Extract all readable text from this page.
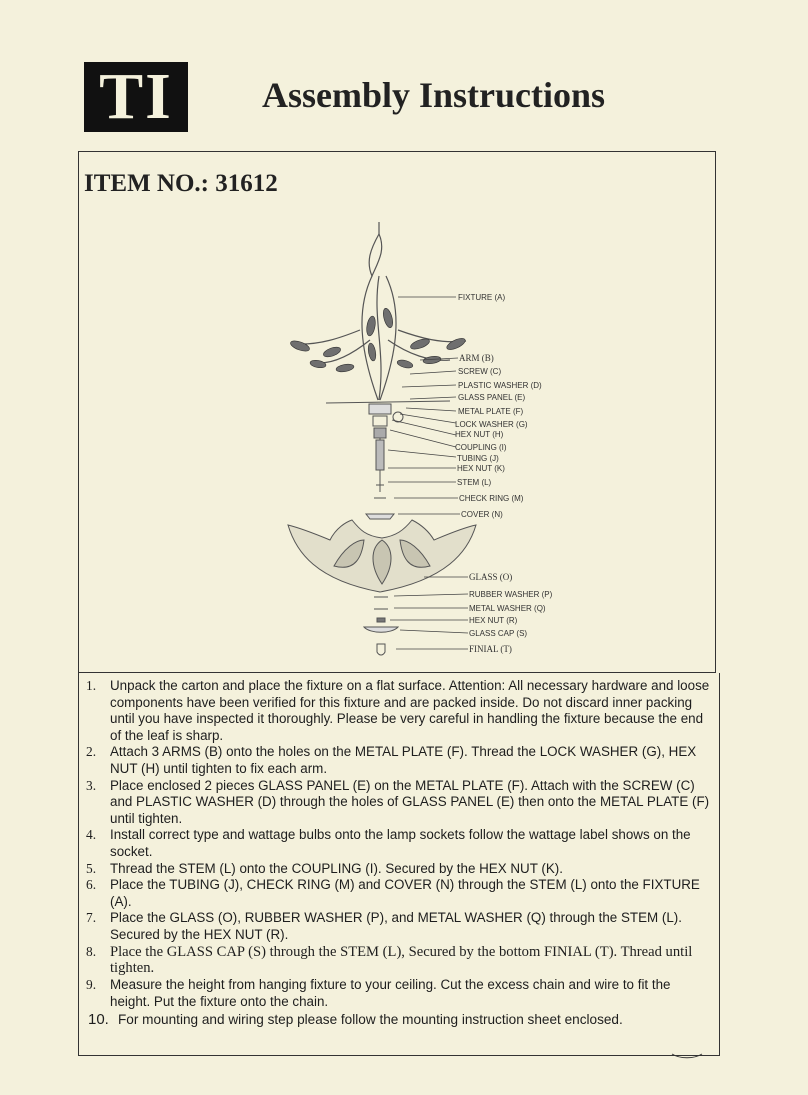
TI	Assembly Instructions
ITEM NO.: 31612
FIXTURE (A)
ARM (B)
SCREW (C)
PLASTIC WASHER (D)
GLASS PANEL (E)
METAL PLATE (F)
LOCK WASHER (G)
HEX NUT (H)
COUPLING (I)
TUBING (J)
HEX NUT (K)
STEM (L)
CHECK RING (M)
COVER (N)
GLASS (O)
RUBBER WASHER (P)
METAL WASHER (Q)
HEX NUT (R)
GLASS CAP (S)
FINIAL (T)
1. Unpack the carton and place the fixture on a flat surface. Attention: All necessary hardware and loose components have been verified for this fixture and are packed inside. Do not discard inner packing until you have inspected it thoroughly. Please be very careful in handling the fixture because the end of the leaf is sharp.
2. Attach 3 ARMS (B) onto the holes on the METAL PLATE (F). Thread the LOCK WASHER (G), HEX NUT (H) until tighten to fix each arm.
3. Place enclosed 2 pieces GLASS PANEL (E) on the METAL PLATE (F). Attach with the SCREW (C) and PLASTIC WASHER (D) through the holes of GLASS PANEL (E) then onto the METAL PLATE (F) until tighten.
4. Install correct type and wattage bulbs onto the lamp sockets follow the wattage label shows on the socket.
5. Thread the STEM (L) onto the COUPLING (I). Secured by the HEX NUT (K).
6. Place the TUBING (J), CHECK RING (M) and COVER (N) through the STEM (L) onto the FIXTURE (A).
7. Place the GLASS (O), RUBBER WASHER (P), and METAL WASHER (Q) through the STEM (L). Secured by the HEX NUT (R).
8. Place the GLASS CAP (S) through the STEM (L), Secured by the bottom FINIAL (T). Thread until tighten.
9. Measure the height from hanging fixture to your ceiling. Cut the excess chain and wire to fit the height. Put the fixture onto the chain.
10. For mounting and wiring step please follow the mounting instruction sheet enclosed.
